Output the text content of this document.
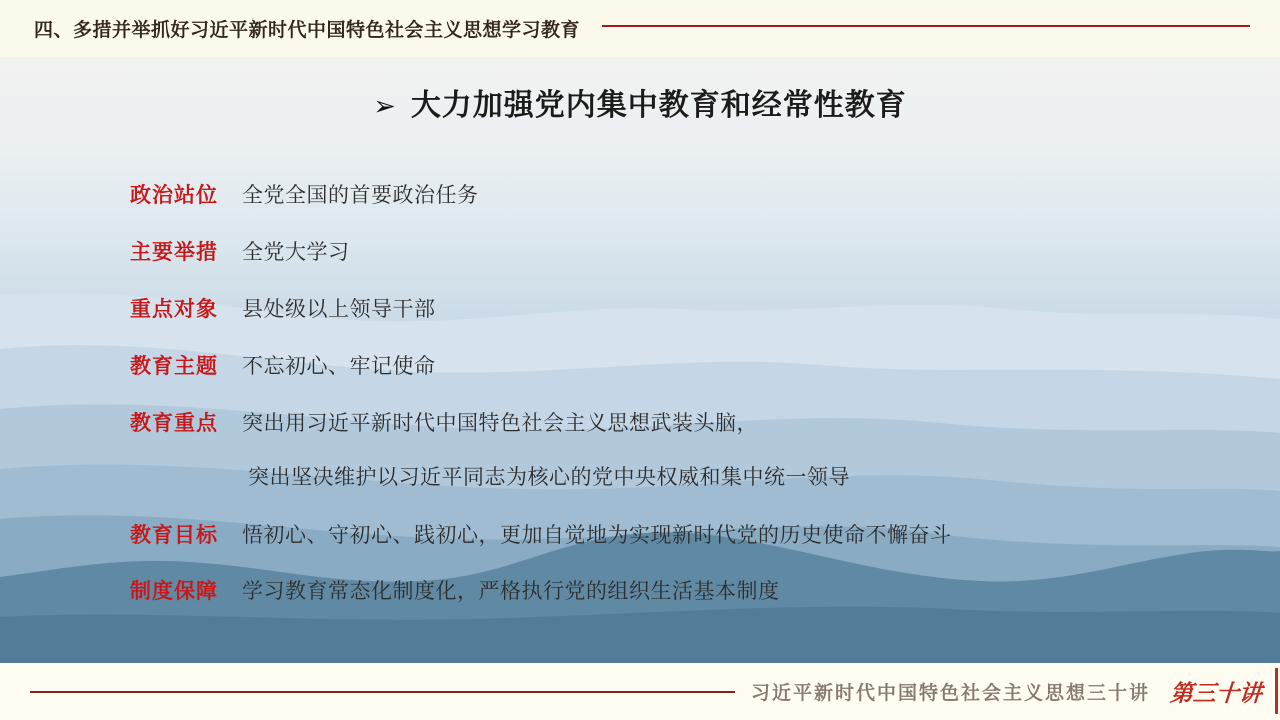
四、多措并举抓好习近平新时代中国特色社会主义思想学习教育
➢ 大力加强党内集中教育和经常性教育
政治站位 全党全国的首要政治任务
主要举措 全党大学习
重点对象 县处级以上领导干部
教育主题 不忘初心、牢记使命
教育重点 突出用习近平新时代中国特色社会主义思想武装头脑，
突出坚决维护以习近平同志为核心的党中央权威和集中统一领导
教育目标 悟初心、守初心、践初心，更加自觉地为实现新时代党的历史使命不懈奋斗
制度保障 学习教育常态化制度化，严格执行党的组织生活基本制度
习近平新时代中国特色社会主义思想三十讲 第三十讲
